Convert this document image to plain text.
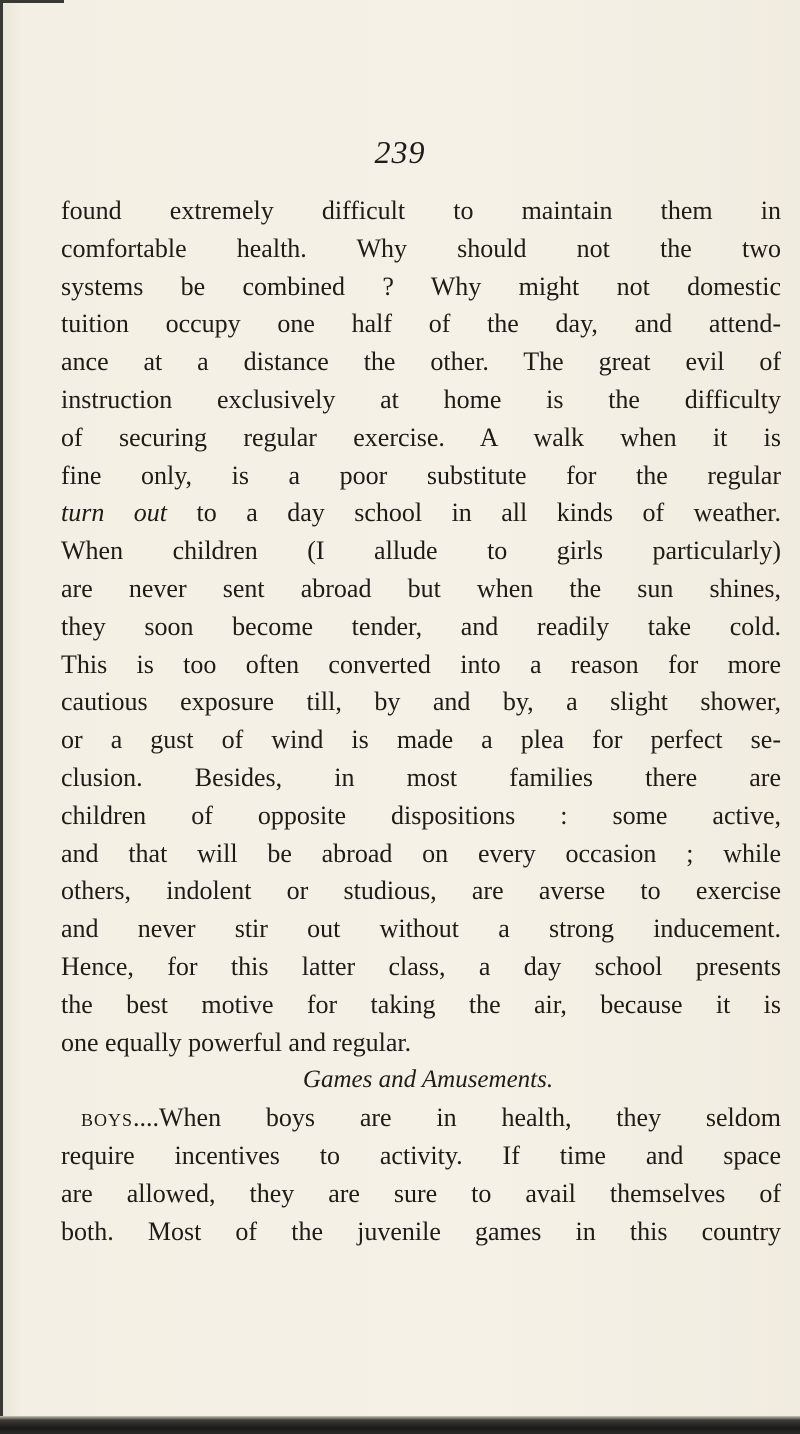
239
found extremely difficult to maintain them in
comfortable health. Why should not the two
systems be combined ? Why might not domestic
tuition occupy one half of the day, and attend-
ance at a distance the other. The great evil of
instruction exclusively at home is the difficulty
of securing regular exercise. A walk when it is
fine only, is a poor substitute for the regular
turn out to a day school in all kinds of weather.
When children (I allude to girls particularly)
are never sent abroad but when the sun shines,
they soon become tender, and readily take cold.
This is too often converted into a reason for more
cautious exposure till, by and by, a slight shower,
or a gust of wind is made a plea for perfect se-
clusion. Besides, in most families there are
children of opposite dispositions : some active,
and that will be abroad on every occasion ; while
others, indolent or studious, are averse to exercise
and never stir out without a strong inducement.
Hence, for this latter class, a day school presents
the best motive for taking the air, because it is
one equally powerful and regular.
Games and Amusements.
boys....When boys are in health, they seldom
require incentives to activity. If time and space
are allowed, they are sure to avail themselves of
both. Most of the juvenile games in this country
